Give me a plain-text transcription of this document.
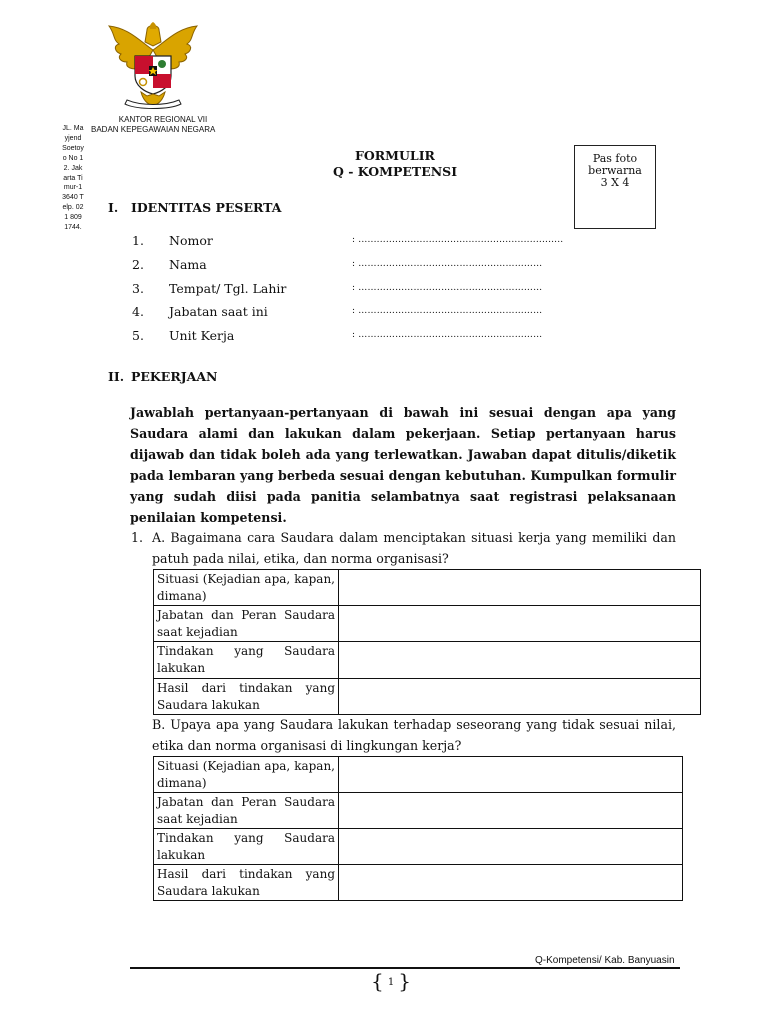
KANTOR REGIONAL VII
BADAN KEPEGAWAIAN NEGARA
JL. Mayjend Soetoyo No 12. Jakarta Timur-13640 Telp. 021 809 1744.
FORMULIR
Q - KOMPETENSI
Pas foto
berwarna
3 X 4
I. IDENTITAS PESERTA
1. Nomor	: ...................................................................
2. Nama	: ……………………………………………………
3. Tempat/ Tgl. Lahir	: ……………………………………………………
4. Jabatan saat ini	: ……………………………………………………
5. Unit Kerja	: ……………………………………………………
II. PEKERJAAN
Jawablah pertanyaan-pertanyaan di bawah ini sesuai dengan apa yang Saudara alami dan lakukan dalam pekerjaan. Setiap pertanyaan harus dijawab dan tidak boleh ada yang terlewatkan. Jawaban dapat ditulis/diketik pada lembaran yang berbeda sesuai dengan kebutuhan. Kumpulkan formulir yang sudah diisi pada panitia selambatnya saat registrasi pelaksanaan penilaian kompetensi.
1. A. Bagaimana cara Saudara dalam menciptakan situasi kerja yang memiliki dan patuh pada nilai, etika, dan norma organisasi?
Situasi (Kejadian apa, kapan, dimana)	
Jabatan dan Peran Saudara saat kejadian	
Tindakan yang Saudara lakukan	
Hasil dari tindakan yang Saudara lakukan	
B. Upaya apa yang Saudara lakukan terhadap seseorang yang tidak sesuai nilai, etika dan norma organisasi di lingkungan kerja?
Situasi (Kejadian apa, kapan, dimana)	
Jabatan dan Peran Saudara saat kejadian	
Tindakan yang Saudara lakukan	
Hasil dari tindakan yang Saudara lakukan	
Q-Kompetensi/ Kab. Banyuasin
{ 1 }
